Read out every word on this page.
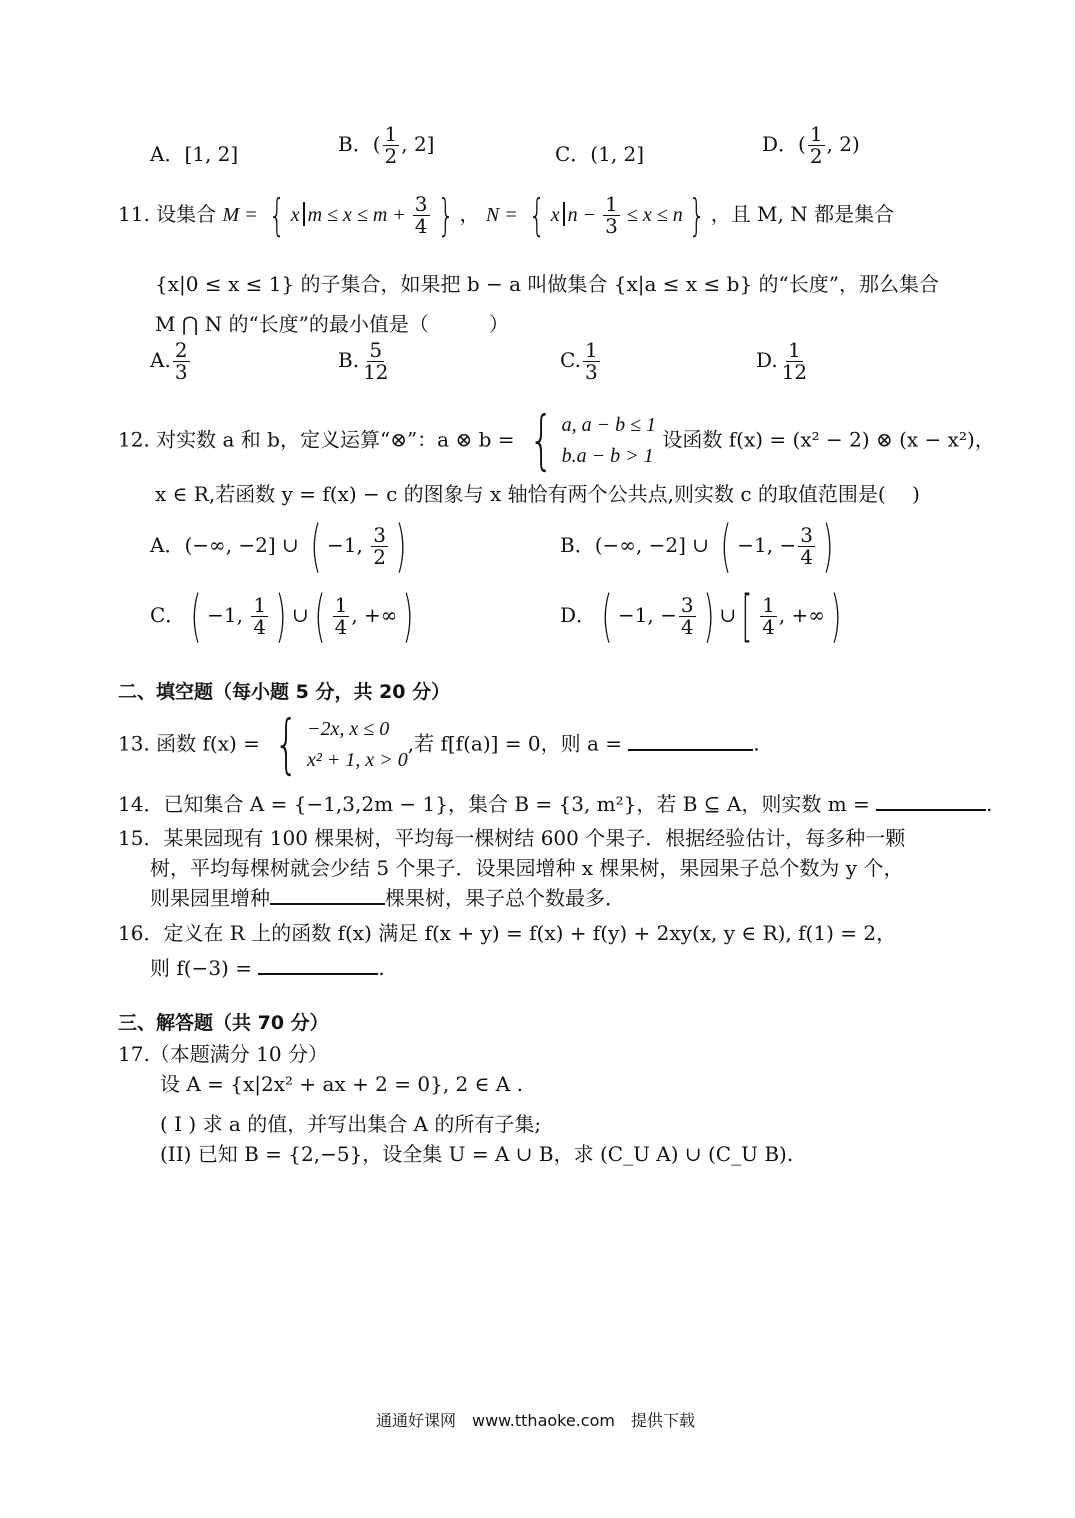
A．[1, 2]	B．( $\frac{1}{2}$ , 2]	C．(1, 2]	D．( $\frac{1}{2}$ , 2)
11. 设集合 M = { x $m \le x \le m + \frac{3}{4}$ } ， N = { x $n - \frac{1}{3} \le x \le n$ } ，且 M, N 都是集合
{x|0 ≤ x ≤ 1} 的子集合，如果把 b − a 叫做集合 {x|a ≤ x ≤ b} 的“长度”，那么集合
M ⋂ N 的“长度”的最小值是（　　　）
A. $\frac{2}{3}$	B. $\frac{5}{12}$	C. $\frac{1}{3}$	D. $\frac{1}{12}$
12. 对实数 a 和 b，定义运算“⊗”：a ⊗ b = { a, a − b ≤ 1
b.a − b > 1
设函数 f(x) = (x² − 2) ⊗ (x − x²)，
x ∈ R,若函数 y = f(x) − c 的图象与 x 轴恰有两个公共点,则实数 c 的取值范围是(　 )
A．(−∞, −2] ∪ ( −1, $\frac{3}{2}$ )	B．(−∞, −2] ∪ ( −1, − $\frac{3}{4}$ )
C．( −1, $\frac{1}{4}$ ) ∪( $\frac{1}{4}$ , +∞)	D．( −1, − $\frac{3}{4}$ ) ∪[ $\frac{1}{4}$ , +∞)
二、填空题（每小题 5 分，共 20 分）
13. 函数 f(x) = { −2x, x ≤ 0
x² + 1, x > 0
,若 f[f(a)] = 0，则 a =	.
14．已知集合 A = {−1,3,2m − 1}，集合 B = {3, m²}，若 B ⊆ A，则实数 m =	.
15．某果园现有 100 棵果树，平均每一棵树结 600 个果子．根据经验估计，每多种一颗
树，平均每棵树就会少结 5 个果子．设果园增种 x 棵果树，果园果子总个数为 y 个，
则果园里增种	棵果树，果子总个数最多．
16．定义在 R 上的函数 f(x) 满足 f(x + y) = f(x) + f(y) + 2xy(x, y ∈ R), f(1) = 2，
则 f(−3) =	.
三、解答题（共 70 分）
17.（本题满分 10 分）
设 A = {x|2x² + ax + 2 = 0}, 2 ∈ A .
( I ) 求 a 的值，并写出集合 A 的所有子集;
(II) 已知 B = {2,−5}，设全集 U = A ∪ B，求 (C_U A) ∪ (C_U B).
通通好课网　www.tthaoke.com　提供下载
